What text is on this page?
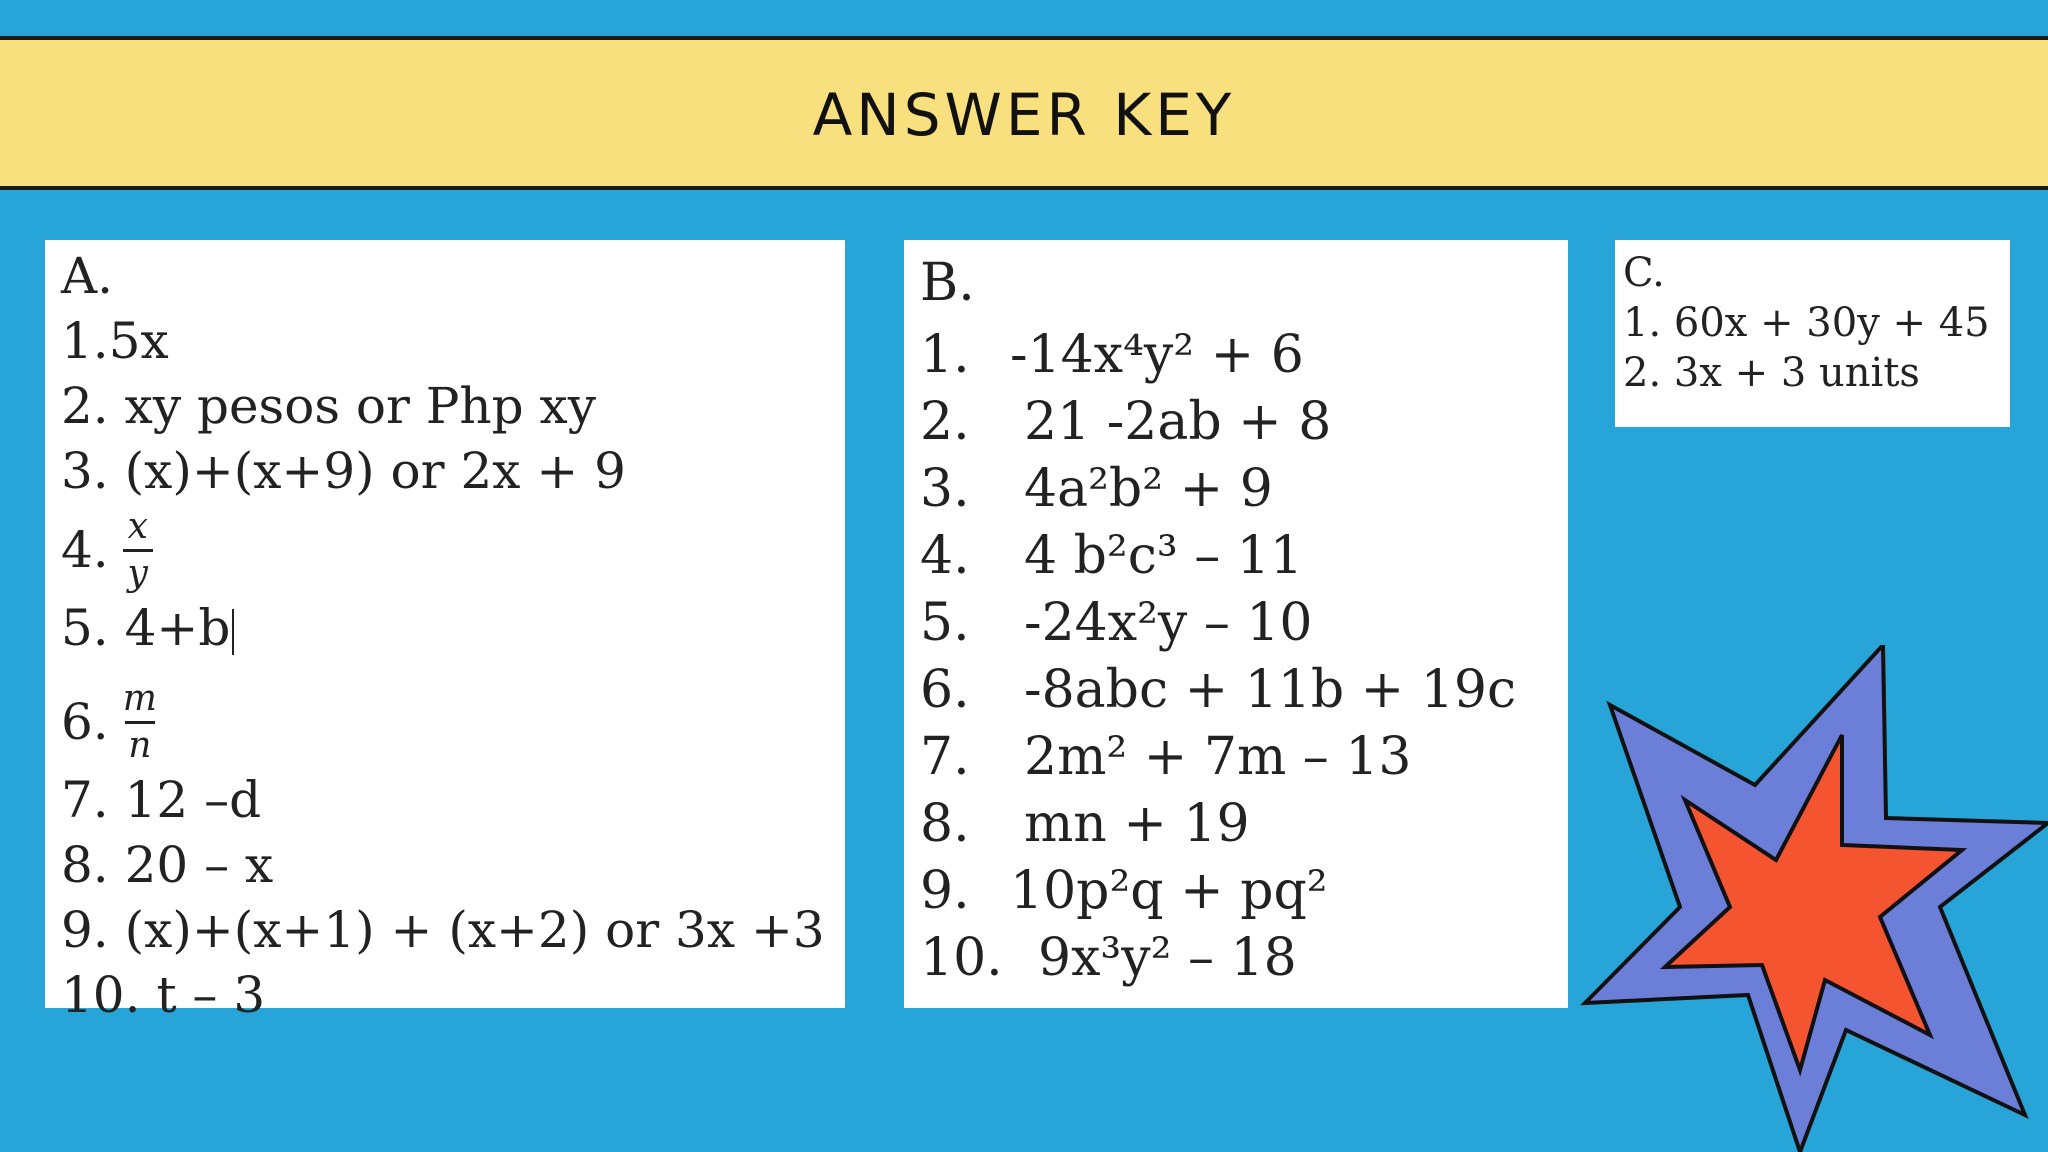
ANSWER KEY
A.
1.5x
2. xy pesos or Php xy
3. (x)+(x+9) or 2x + 9
4. $\frac{x}{y}$
5. 4+b
6. $\frac{m}{n}$
7. 12 –d
8. 20 – x
9. (x)+(x+1) + (x+2) or 3x +3
10. t – 3
B.
1. -14x⁴y² + 6
2. 21 -2ab + 8
3. 4a²b² + 9
4. 4 b²c³ – 11
5. -24x²y – 10
6. -8abc + 11b + 19c
7. 2m² + 7m – 13
8. mn + 19
9. 10p²q + pq²
10. 9x³y² – 18
C.
1. 60x + 30y + 45
2. 3x + 3 units
